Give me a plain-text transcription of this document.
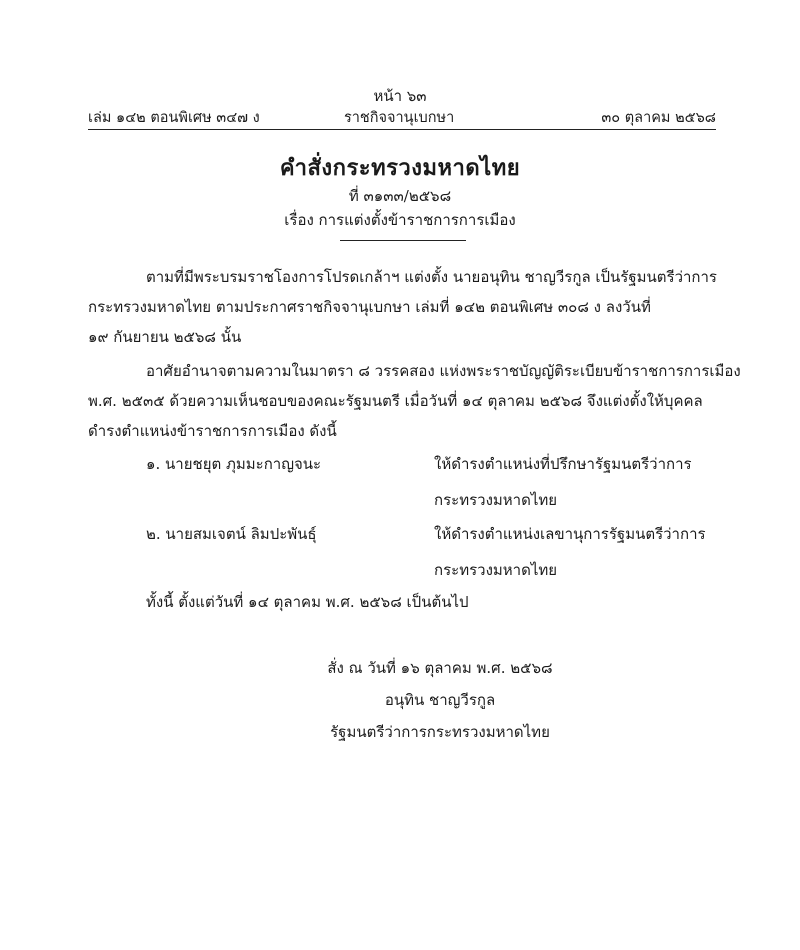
หน้า ๖๓
เล่ม ๑๔๒ ตอนพิเศษ ๓๔๗ ง	ราชกิจจานุเบกษา	๓๐ ตุลาคม ๒๕๖๘
คำสั่งกระทรวงมหาดไทย
ที่ ๓๑๓๓/๒๕๖๘
เรื่อง การแต่งตั้งข้าราชการการเมือง
ตามที่มีพระบรมราชโองการโปรดเกล้าฯ แต่งตั้ง นายอนุทิน ชาญวีรกูล เป็นรัฐมนตรีว่าการ
กระทรวงมหาดไทย ตามประกาศราชกิจจานุเบกษา เล่มที่ ๑๔๒ ตอนพิเศษ ๓๐๘ ง ลงวันที่
๑๙ กันยายน ๒๕๖๘ นั้น
อาศัยอำนาจตามความในมาตรา ๘ วรรคสอง แห่งพระราชบัญญัติระเบียบข้าราชการการเมือง
พ.ศ. ๒๕๓๕ ด้วยความเห็นชอบของคณะรัฐมนตรี เมื่อวันที่ ๑๔ ตุลาคม ๒๕๖๘ จึงแต่งตั้งให้บุคคล
ดำรงตำแหน่งข้าราชการการเมือง ดังนี้
๑. นายชยุต ภุมมะกาญจนะ	ให้ดำรงตำแหน่งที่ปรึกษารัฐมนตรีว่าการ
กระทรวงมหาดไทย
๒. นายสมเจตน์ ลิมปะพันธุ์	ให้ดำรงตำแหน่งเลขานุการรัฐมนตรีว่าการ
กระทรวงมหาดไทย
ทั้งนี้ ตั้งแต่วันที่ ๑๔ ตุลาคม พ.ศ. ๒๕๖๘ เป็นต้นไป
สั่ง ณ วันที่ ๑๖ ตุลาคม พ.ศ. ๒๕๖๘
อนุทิน ชาญวีรกูล
รัฐมนตรีว่าการกระทรวงมหาดไทย
